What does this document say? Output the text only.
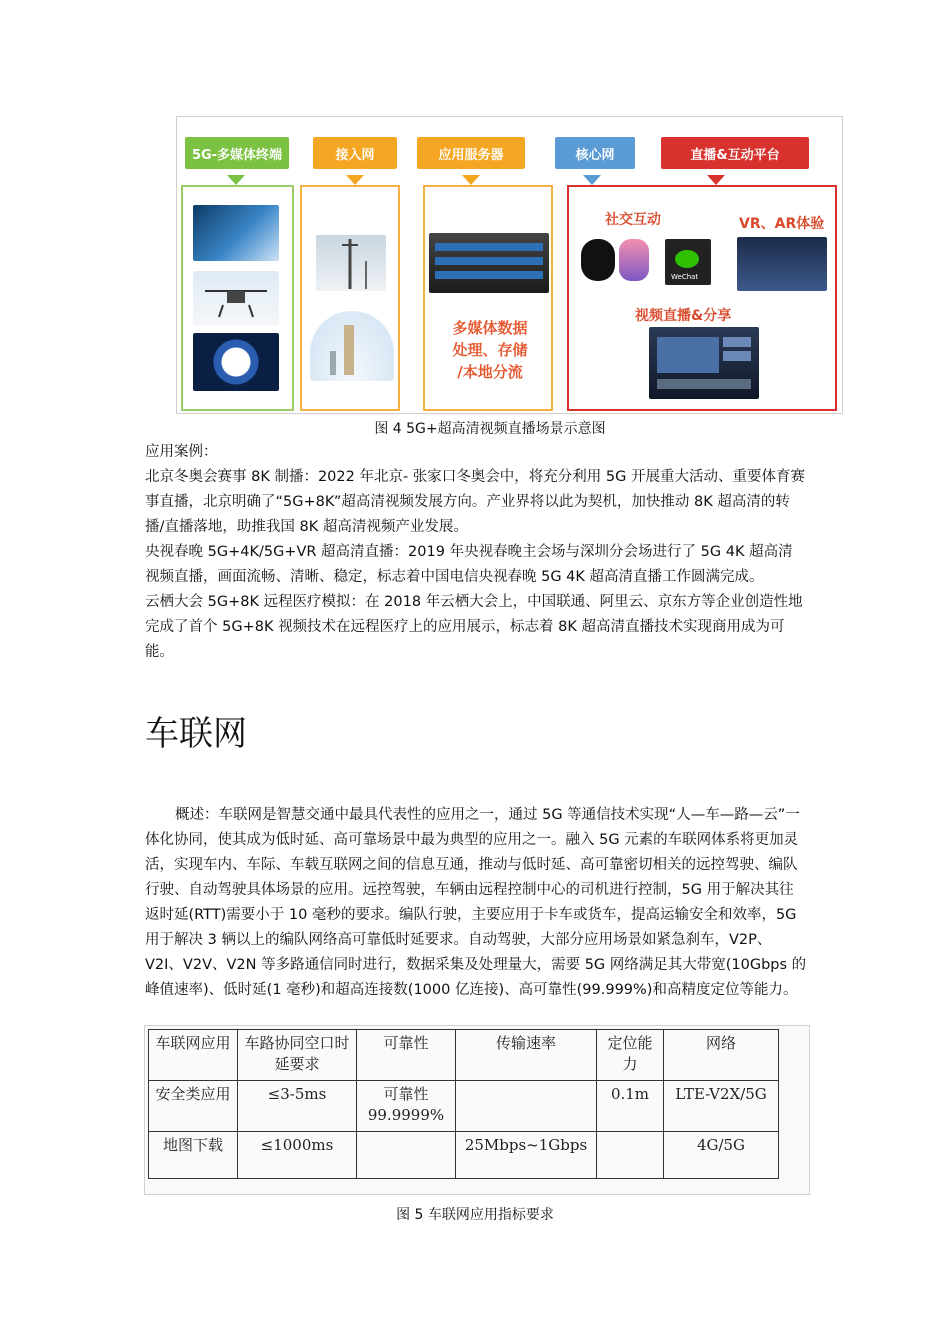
5G-多媒体终端	接入网	应用服务器	核心网	直播&互动平台
多媒体数据
处理、存储
/本地分流
社交互动	VR、AR体验
WeChat
视频直播&分享
图 4 5G+超高清视频直播场景示意图

应用案例：

北京冬奥会赛事 8K 制播：2022 年北京- 张家口冬奥会中，将充分利用 5G 开展重大活动、重要体育赛事直播，北京明确了“5G+8K”超高清视频发展方向。产业界将以此为契机，加快推动 8K 超高清的转播/直播落地，助推我国 8K 超高清视频产业发展。

央视春晚 5G+4K/5G+VR 超高清直播：2019 年央视春晚主会场与深圳分会场进行了 5G 4K 超高清视频直播，画面流畅、清晰、稳定，标志着中国电信央视春晚 5G 4K 超高清直播工作圆满完成。

云栖大会 5G+8K 远程医疗模拟：在 2018 年云栖大会上，中国联通、阿里云、京东方等企业创造性地完成了首个 5G+8K 视频技术在远程医疗上的应用展示，标志着 8K 超高清直播技术实现商用成为可能。

车联网

概述：车联网是智慧交通中最具代表性的应用之一，通过 5G 等通信技术实现“人—车—路—云”一体化协同，使其成为低时延、高可靠场景中最为典型的应用之一。融入 5G 元素的车联网体系将更加灵活，实现车内、车际、车载互联网之间的信息互通，推动与低时延、高可靠密切相关的远控驾驶、编队行驶、自动驾驶具体场景的应用。远控驾驶，车辆由远程控制中心的司机进行控制，5G 用于解决其往返时延(RTT)需要小于 10 毫秒的要求。编队行驶，主要应用于卡车或货车，提高运输安全和效率，5G 用于解决 3 辆以上的编队网络高可靠低时延要求。自动驾驶，大部分应用场景如紧急刹车，V2P、V2I、V2V、V2N 等多路通信同时进行，数据采集及处理量大，需要 5G 网络满足其大带宽(10Gbps 的峰值速率)、低时延(1 毫秒)和超高连接数(1000 亿连接)、高可靠性(99.999%)和高精度定位等能力。

车联网应用	车路协同空口时延要求	可靠性	传输速率	定位能力	网络
安全类应用	≤3-5ms	可靠性 99.9999%		0.1m	LTE-V2X/5G
地图下载	≤1000ms		25Mbps~1Gbps		4G/5G
图 5 车联网应用指标要求
